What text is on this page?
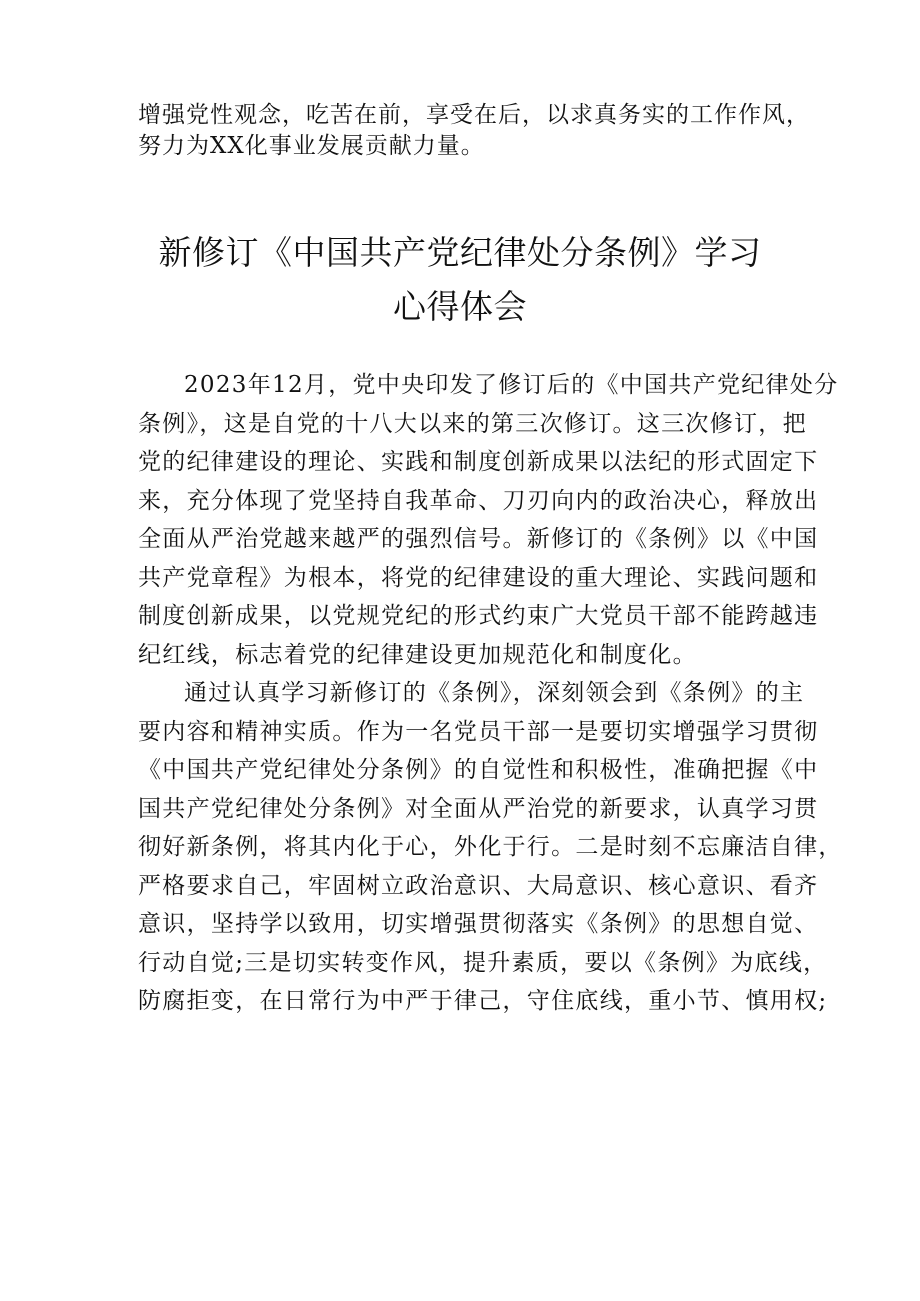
增强党性观念，吃苦在前，享受在后，以求真务实的工作作风，

努力为XX化事业发展贡献力量。

新修订《中国共产党纪律处分条例》学习
心得体会
2023年12月，党中央印发了修订后的《中国共产党纪律处分
条例》，这是自党的十八大以来的第三次修订。这三次修订，把
党的纪律建设的理论、实践和制度创新成果以法纪的形式固定下
来，充分体现了党坚持自我革命、刀刃向内的政治决心，释放出
全面从严治党越来越严的强烈信号。新修订的《条例》以《中国
共产党章程》为根本，将党的纪律建设的重大理论、实践问题和
制度创新成果，以党规党纪的形式约束广大党员干部不能跨越违
纪红线，标志着党的纪律建设更加规范化和制度化。
通过认真学习新修订的《条例》，深刻领会到《条例》的主
要内容和精神实质。作为一名党员干部一是要切实增强学习贯彻
《中国共产党纪律处分条例》的自觉性和积极性，准确把握《中
国共产党纪律处分条例》对全面从严治党的新要求，认真学习贯
彻好新条例，将其内化于心，外化于行。二是时刻不忘廉洁自律，
严格要求自己，牢固树立政治意识、大局意识、核心意识、看齐
意识，坚持学以致用，切实增强贯彻落实《条例》的思想自觉、
行动自觉;三是切实转变作风，提升素质，要以《条例》为底线，
防腐拒变，在日常行为中严于律己，守住底线，重小节、慎用权;
